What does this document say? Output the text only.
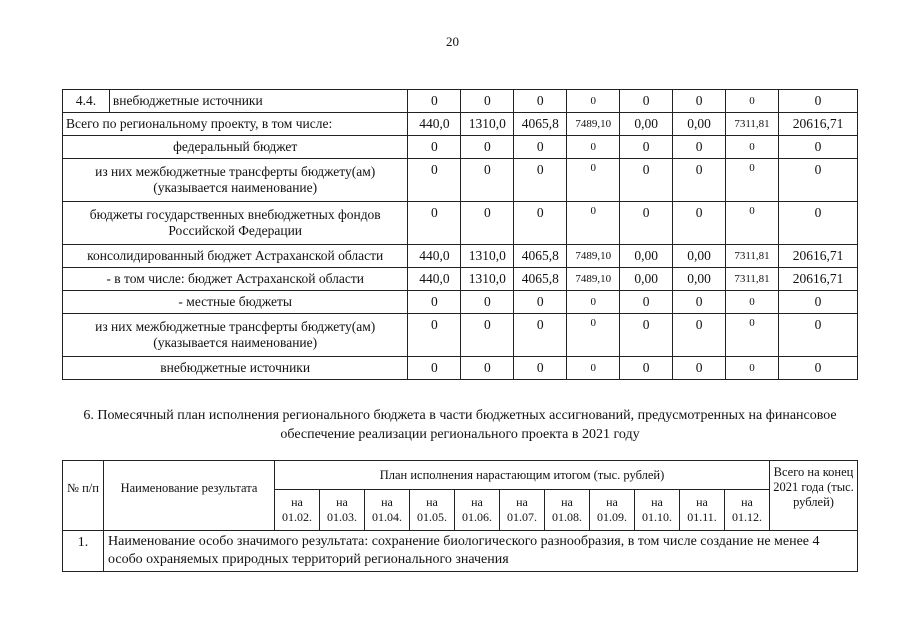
20
4.4.	внебюджетные источники	0	0	0	0	0	0	0	0
Всего по региональному проекту, в том числе:		440,0	1310,0	4065,8	7489,10	0,00	0,00	7311,81	20616,71
федеральный бюджет		0	0	0	0	0	0	0	0
из них межбюджетные трансферты бюджету(ам) (указывается наименование)		0	0	0	0	0	0	0	0
бюджеты государственных внебюджетных фондов Российской Федерации		0	0	0	0	0	0	0	0
консолидированный бюджет Астраханской области		440,0	1310,0	4065,8	7489,10	0,00	0,00	7311,81	20616,71
- в том числе: бюджет Астраханской области		440,0	1310,0	4065,8	7489,10	0,00	0,00	7311,81	20616,71
- местные бюджеты		0	0	0	0	0	0	0	0
из них межбюджетные трансферты бюджету(ам) (указывается наименование)		0	0	0	0	0	0	0	0
внебюджетные источники		0	0	0	0	0	0	0	0
6. Помесячный план исполнения регионального бюджета в части бюджетных ассигнований, предусмотренных на финансовое обеспечение реализации регионального проекта в 2021 году
№ п/п	Наименование результата	План исполнения нарастающим итогом (тыс. рублей)											Всего на конец 2021 года (тыс. рублей)
		на 01.02.	на 01.03.	на 01.04.	на 01.05.	на 01.06.	на 01.07.	на 01.08.	на 01.09.	на 01.10.	на 01.11.	на 01.12.	
1.	Наименование особо значимого результата: сохранение биологического разнообразия, в том числе создание не менее 4 особо охраняемых природных территорий регионального значения												
